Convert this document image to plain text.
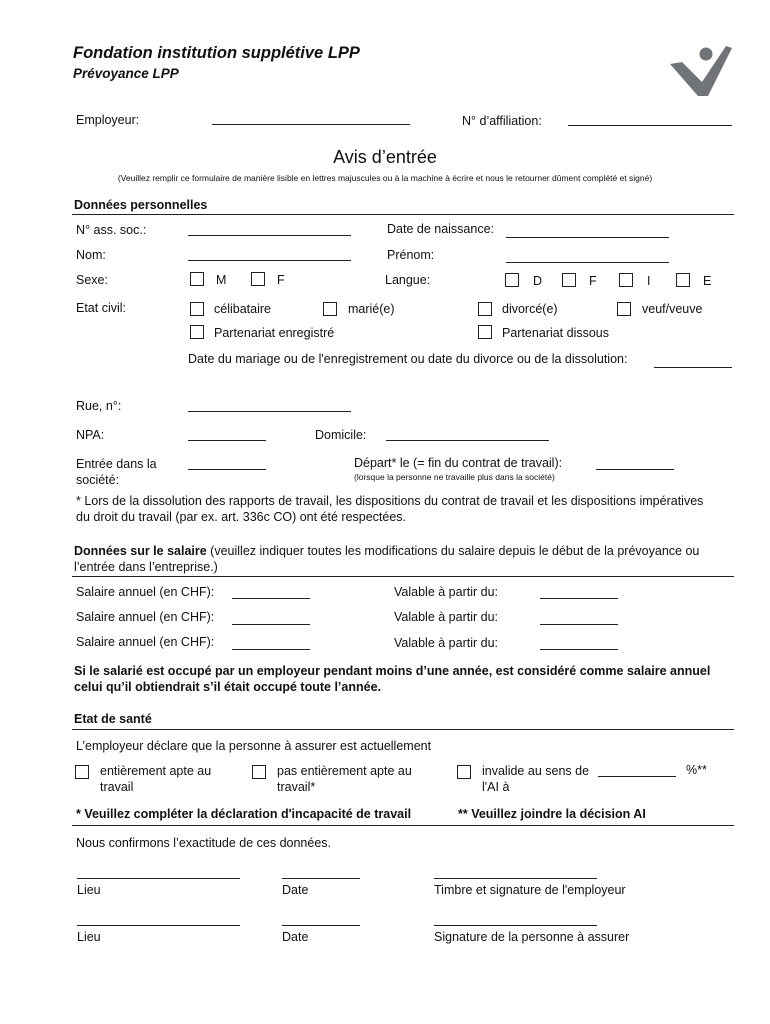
Fondation institution supplétive LPP
Prévoyance LPP
Employeur:	N° d’affiliation:
Avis d’entrée
(Veuillez remplir ce formulaire de manière lisible en lettres majuscules ou à la machine à écrire et nous le retourner dûment complété et signé)
Données personnelles
N° ass. soc.:	Date de naissance:
Nom:	Prénom:
Sexe:	M	F	Langue:	D	F	I	E
Etat civil:	célibataire	marié(e)	divorcé(e)	veuf/veuve
Partenariat enregistré	Partenariat dissous
Date du mariage ou de l'enregistrement ou date du divorce ou de la dissolution:
Rue, n°:
NPA:	Domicile:
Entrée dans la
société:
Départ* le (= fin du contrat de travail):
(lorsque la personne ne travaille plus dans la société)
* Lors de la dissolution des rapports de travail, les dispositions du contrat de travail et les dispositions impératives du droit du travail (par ex. art. 336c CO) ont été respectées.
Données sur le salaire (veuillez indiquer toutes les modifications du salaire depuis le début de la prévoyance ou l’entrée dans l’entreprise.)
Salaire annuel (en CHF):	Valable à partir du:
Salaire annuel (en CHF):	Valable à partir du:
Salaire annuel (en CHF):	Valable à partir du:
Si le salarié est occupé par un employeur pendant moins d’une année, est considéré comme salaire annuel celui qu’il obtiendrait s’il était occupé toute l’année.
Etat de santé
L’employeur déclare que la personne à assurer est actuellement
entièrement apte au
travail
pas entièrement apte au
travail*
invalide au sens de
l'AI à
%**
* Veuillez compléter la déclaration d'incapacité de travail	** Veuillez joindre la décision AI
Nous confirmons l’exactitude de ces données.
Lieu	Date	Timbre et signature de l'employeur
Lieu	Date	Signature de la personne à assurer
